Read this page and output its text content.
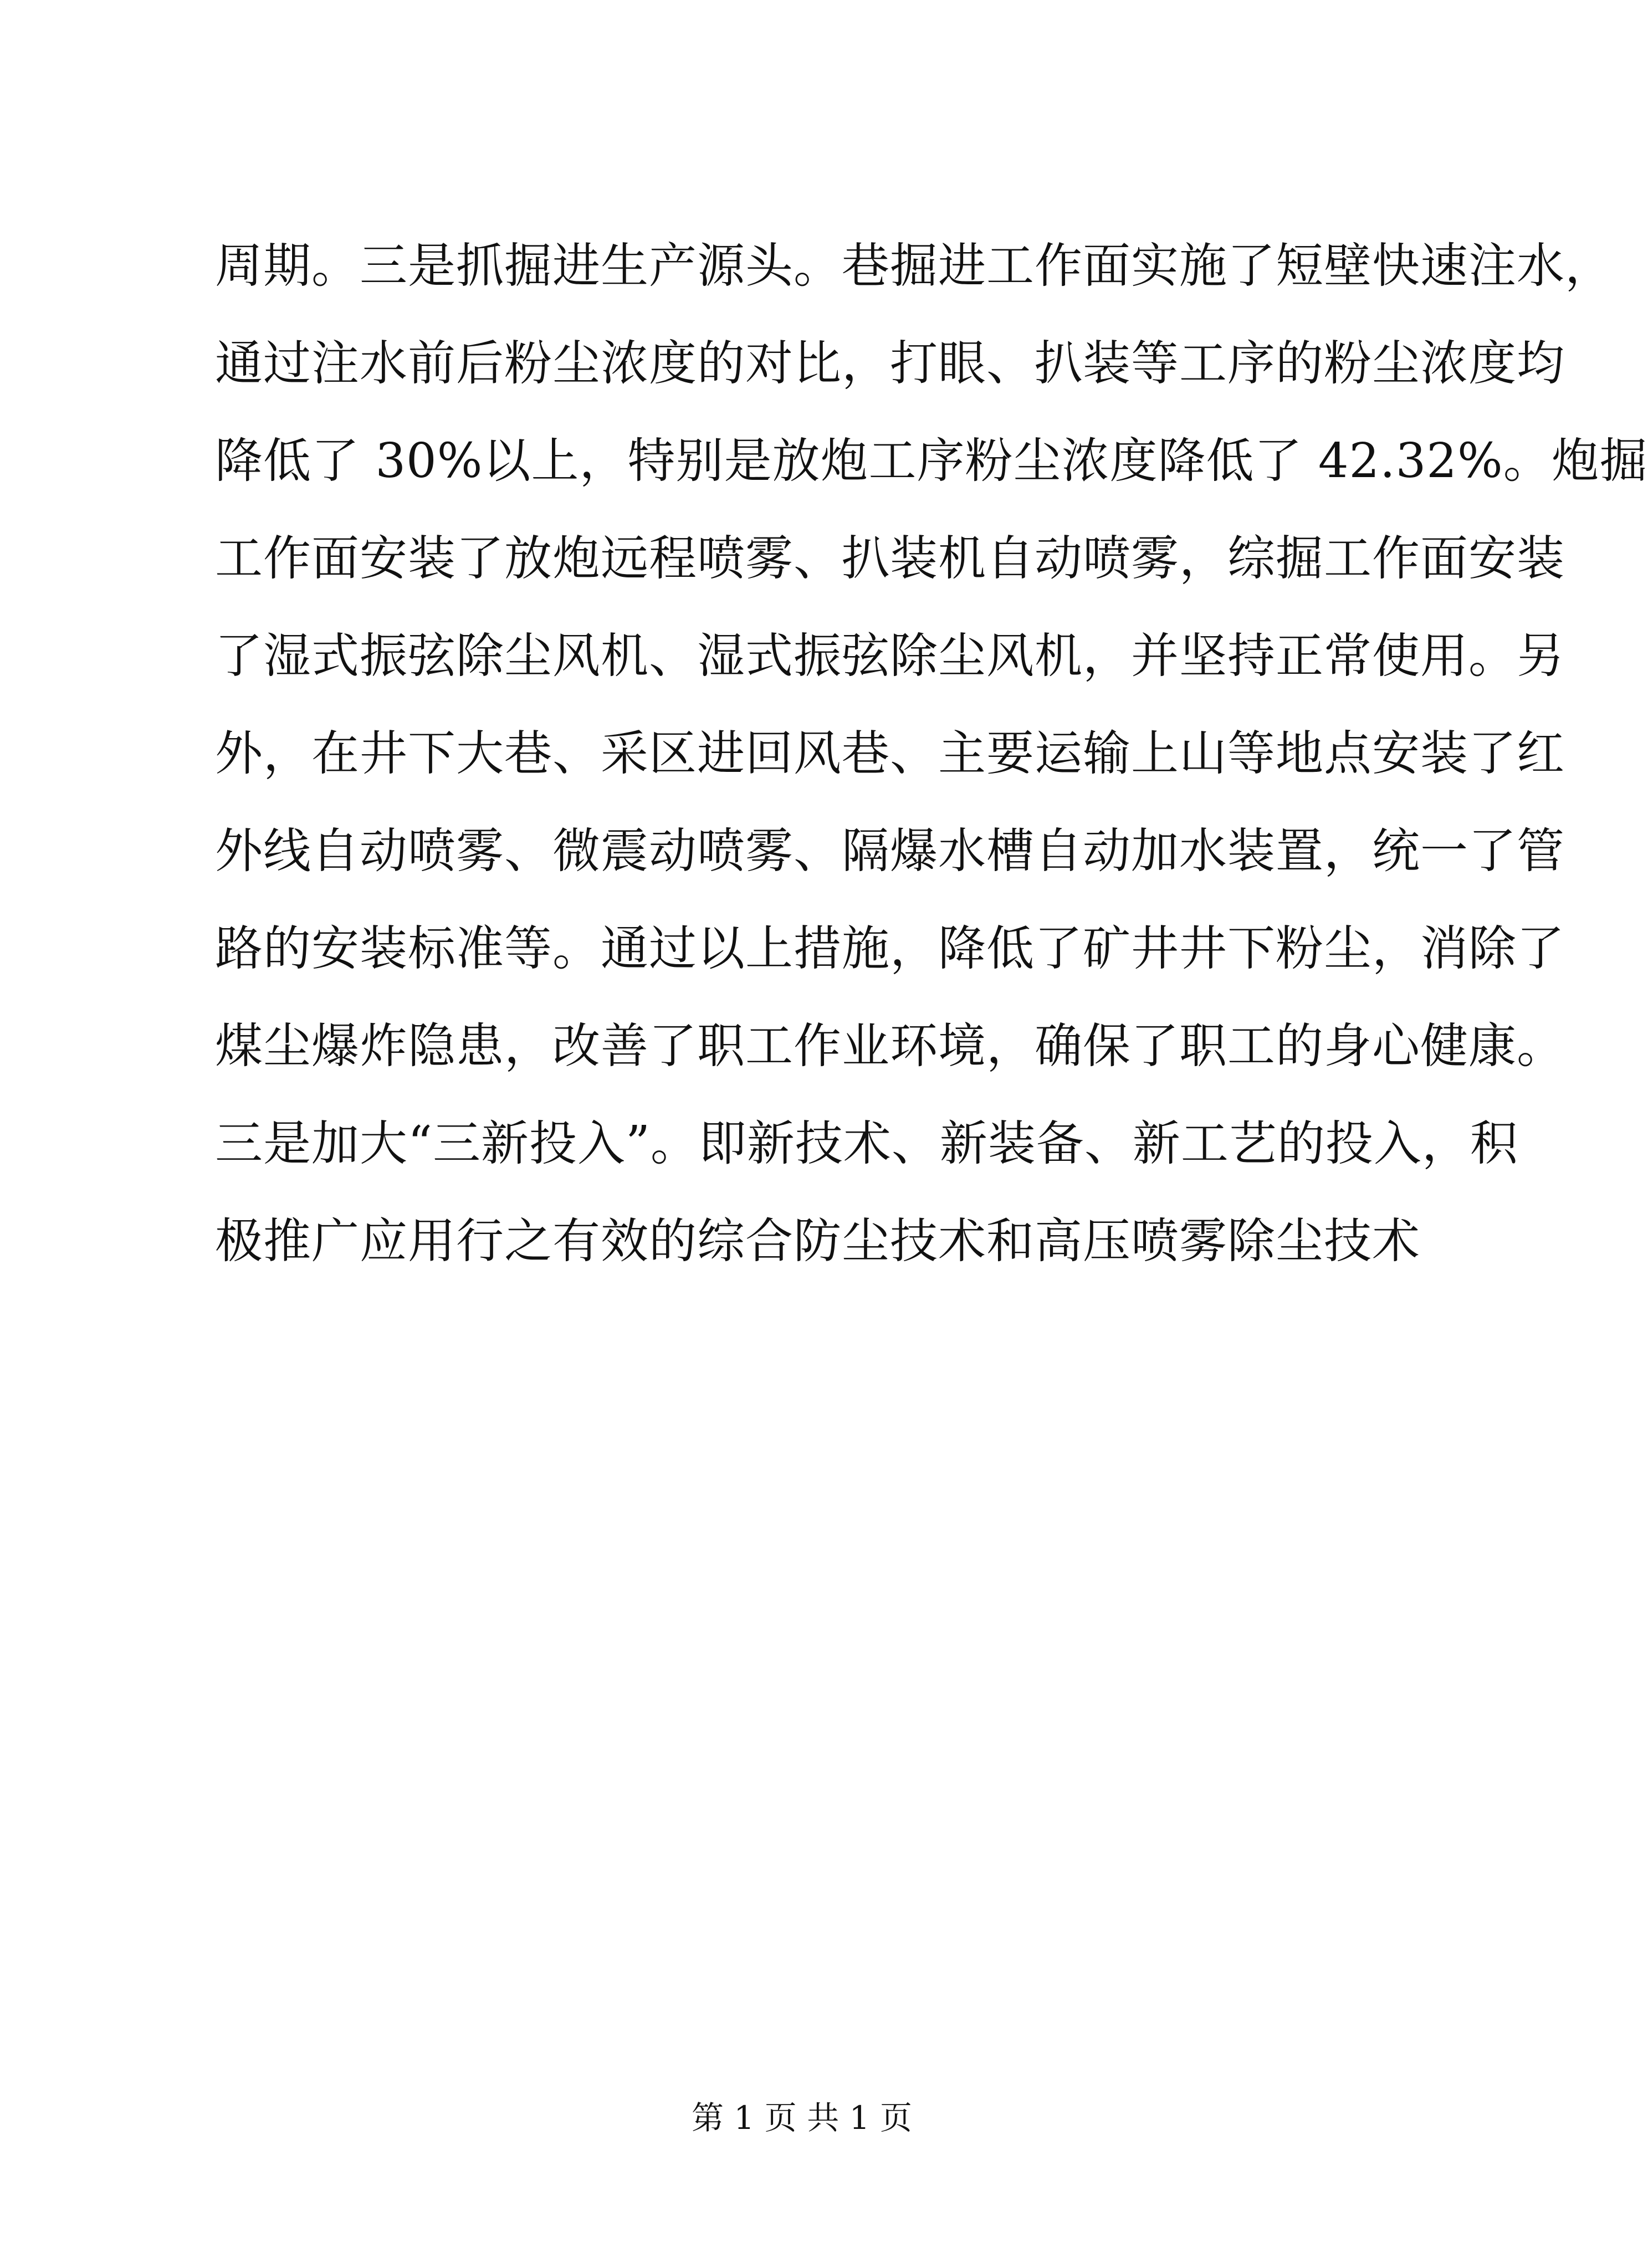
周期。三是抓掘进生产源头。巷掘进工作面实施了短壁快速注水，
通过注水前后粉尘浓度的对比，打眼、扒装等工序的粉尘浓度均
降低了 30%以上，特别是放炮工序粉尘浓度降低了 42.32%。炮掘
工作面安装了放炮远程喷雾、扒装机自动喷雾，综掘工作面安装
了湿式振弦除尘风机、湿式振弦除尘风机，并坚持正常使用。另
外，在井下大巷、采区进回风巷、主要运输上山等地点安装了红
外线自动喷雾、微震动喷雾、隔爆水槽自动加水装置，统一了管
路的安装标准等。通过以上措施，降低了矿井井下粉尘，消除了
煤尘爆炸隐患，改善了职工作业环境，确保了职工的身心健康。
三是加大“三新投入”。即新技术、新装备、新工艺的投入，积
极推广应用行之有效的综合防尘技术和高压喷雾除尘技术
第 1 页 共 1 页
